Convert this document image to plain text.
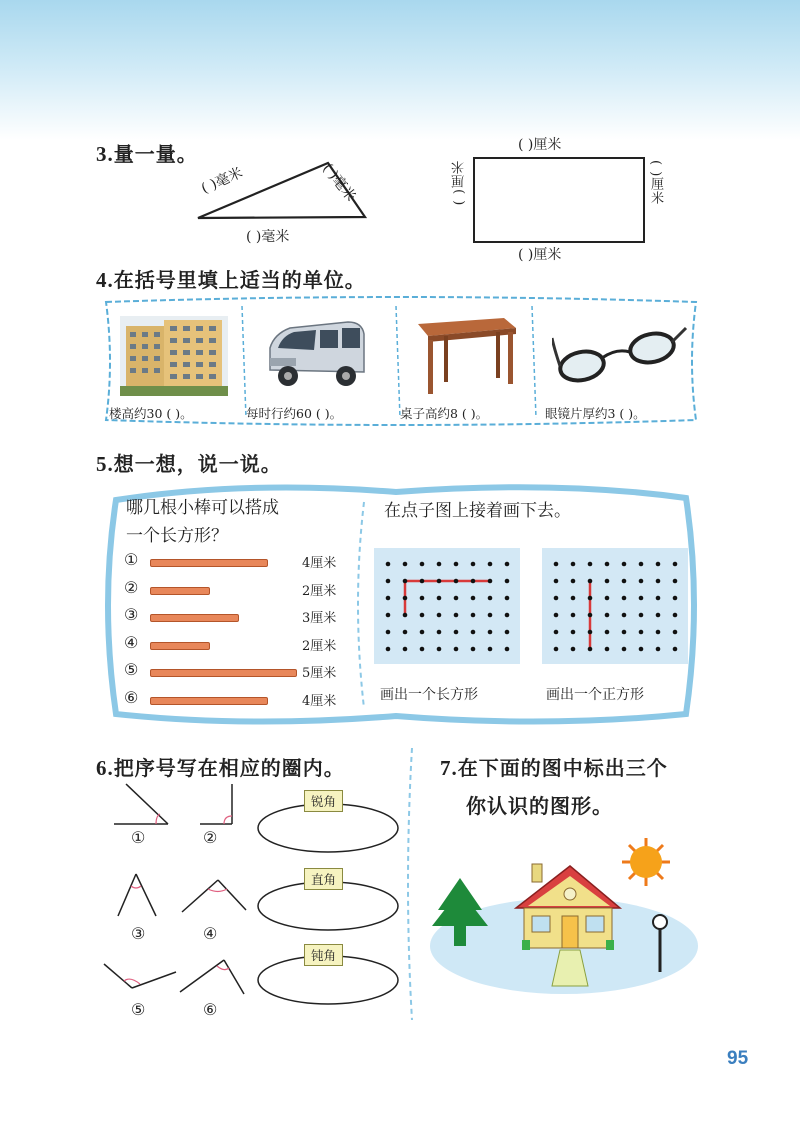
3.量一量。
( )毫米	( )毫米
( )毫米
( )厘米
( )厘米
( )厘米	( )厘米
4.在括号里填上适当的单位。
楼高约30 ( )。	每时行约60 ( )。	桌子高约8 ( )。	眼镜片厚约3 ( )。
5.想一想，说一说。
哪几根小棒可以搭成
一个长方形？
①	4厘米
②	2厘米
③	3厘米
④	2厘米
⑤	5厘米
⑥	4厘米
在点子图上接着画下去。
画出一个长方形	画出一个正方形
6.把序号写在相应的圈内。
①	②
③	④
⑤	⑥
锐角
直角
钝角
7.在下面的图中标出三个
你认识的图形。
95
